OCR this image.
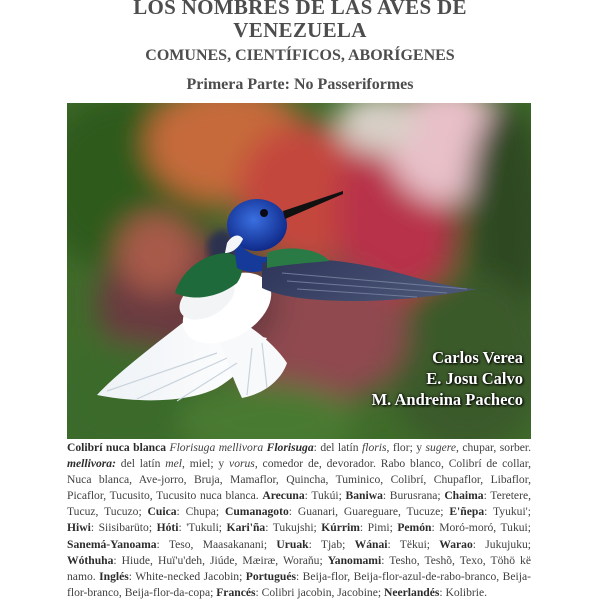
LOS NOMBRES DE LAS AVES DE
VENEZUELA
COMUNES, CIENTÍFICOS, ABORÍGENES
Primera Parte: No Passeriformes
Carlos Verea
E. Josu Calvo
M. Andreina Pacheco
Colibrí nuca blanca Florisuga mellivora Florisuga: del latín floris, flor; y sugere, chupar, sorber. mellivora: del latín mel, miel; y vorus, comedor de, devorador. Rabo blanco, Colibrí de collar, Nuca blanca, Ave-jorro, Bruja, Mamaflor, Quincha, Tuminico, Colibrí, Chupaflor, Libaflor, Picaflor, Tucusito, Tucusito nuca blanca. Arecuna: Tukúi; Baniwa: Burusrana; Chaima: Teretere, Tucuz, Tucuzo; Cuica: Chupa; Cumanagoto: Guanari, Guareguare, Tucuze; E'ñepa: Tyukui'; Hiwi: Siisibarüto; Hóti: 'Tukuli; Kari'ña: Tukujshi; Kúrrim: Pimi; Pemón: Moró-moró, Tukui; Sanemá-Yanoama: Teso, Maasakanani; Uruak: Tjab; Wánai: Tëkui; Warao: Jukujuku; Wóthuha: Hiude, Huï'u'deh, Jiúde, Mæiræ, Woraňu; Yanomami: Tesho, Teshõ, Texo, Töhö kë namo. Inglés: White-necked Jacobin; Portugués: Beija-flor, Beija-flor-azul-de-rabo-branco, Beija-flor-branco, Beija-flor-da-copa; Francés: Colibri jacobin, Jacobine; Neerlandés: Kolibrie.
